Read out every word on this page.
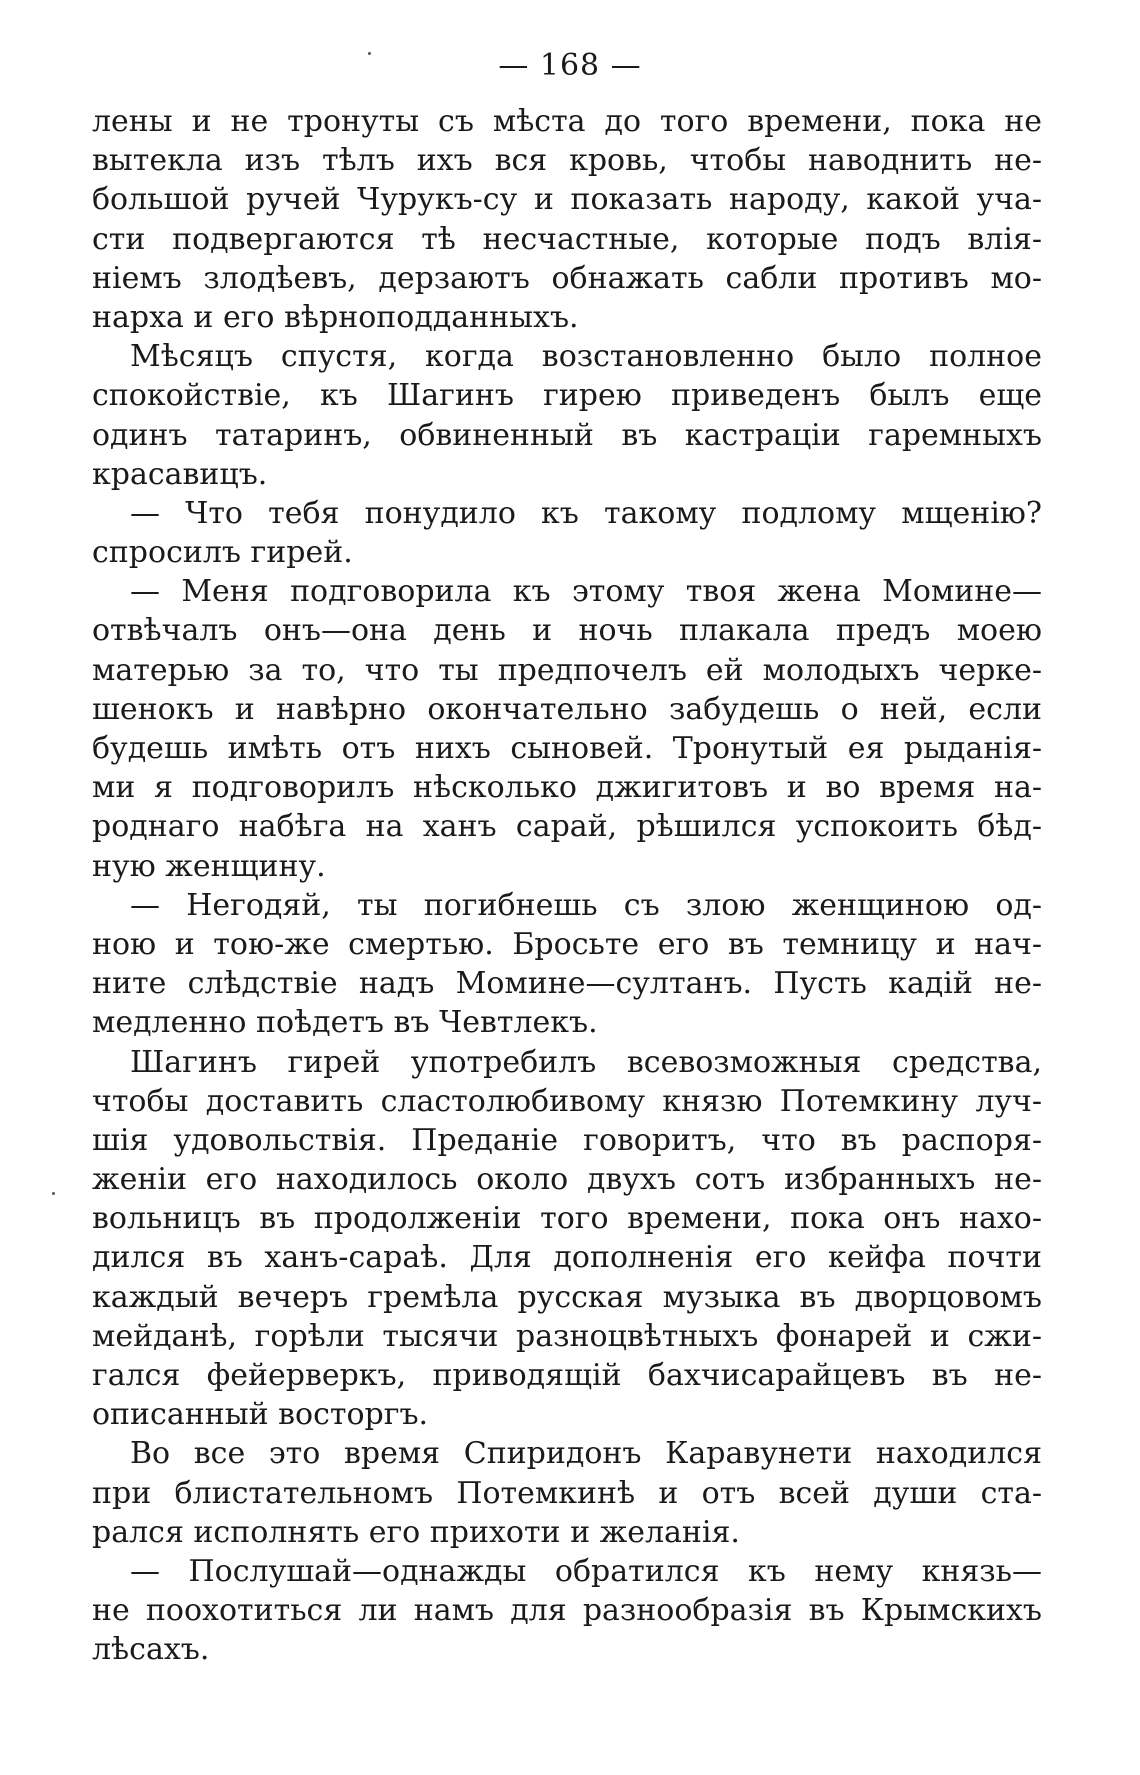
— 168 —
лены и не тронуты съ мѣста до того времени, пока не
вытекла изъ тѣлъ ихъ вся кровь, чтобы наводнить не-
большой ручей Чурукъ-су и показать народу, какой уча-
сти подвергаются тѣ несчастные, которые подъ влія-
ніемъ злодѣевъ, дерзаютъ обнажать сабли противъ мо-
нарха и его вѣрноподданныхъ.
Мѣсяцъ спустя, когда возстановленно было полное
спокойствіе, къ Шагинъ гирею приведенъ былъ еще
одинъ татаринъ, обвиненный въ кастраціи гаремныхъ
красавицъ.
— Что тебя понудило къ такому подлому мщенію?
спросилъ гирей.
— Меня подговорила къ этому твоя жена Момине—
отвѣчалъ онъ—она день и ночь плакала предъ моею
матерью за то, что ты предпочелъ ей молодыхъ черке-
шенокъ и навѣрно окончательно забудешь о ней, если
будешь имѣть отъ нихъ сыновей. Тронутый ея рыданія-
ми я подговорилъ нѣсколько джигитовъ и во время на-
роднаго набѣга на ханъ сарай, рѣшился успокоить бѣд-
ную женщину.
— Негодяй, ты погибнешь съ злою женщиною од-
ною и тою-же смертью. Бросьте его въ темницу и нач-
ните слѣдствіе надъ Момине—султанъ. Пусть кадій не-
медленно поѣдетъ въ Чевтлекъ.
Шагинъ гирей употребилъ всевозможныя средства,
чтобы доставить сластолюбивому князю Потемкину луч-
шія удовольствія. Преданіе говоритъ, что въ распоря-
женіи его находилось около двухъ сотъ избранныхъ не-
вольницъ въ продолженіи того времени, пока онъ нахо-
дился въ ханъ-сараѣ. Для дополненія его кейфа почти
каждый вечеръ гремѣла русская музыка въ дворцовомъ
мейданѣ, горѣли тысячи разноцвѣтныхъ фонарей и сжи-
гался фейерверкъ, приводящій бахчисарайцевъ въ не-
описанный восторгъ.
Во все это время Спиридонъ Каравунети находился
при блистательномъ Потемкинѣ и отъ всей души ста-
рался исполнять его прихоти и желанія.
— Послушай—однажды обратился къ нему князь—
не поохотиться ли намъ для разнообразія въ Крымскихъ
лѣсахъ.
